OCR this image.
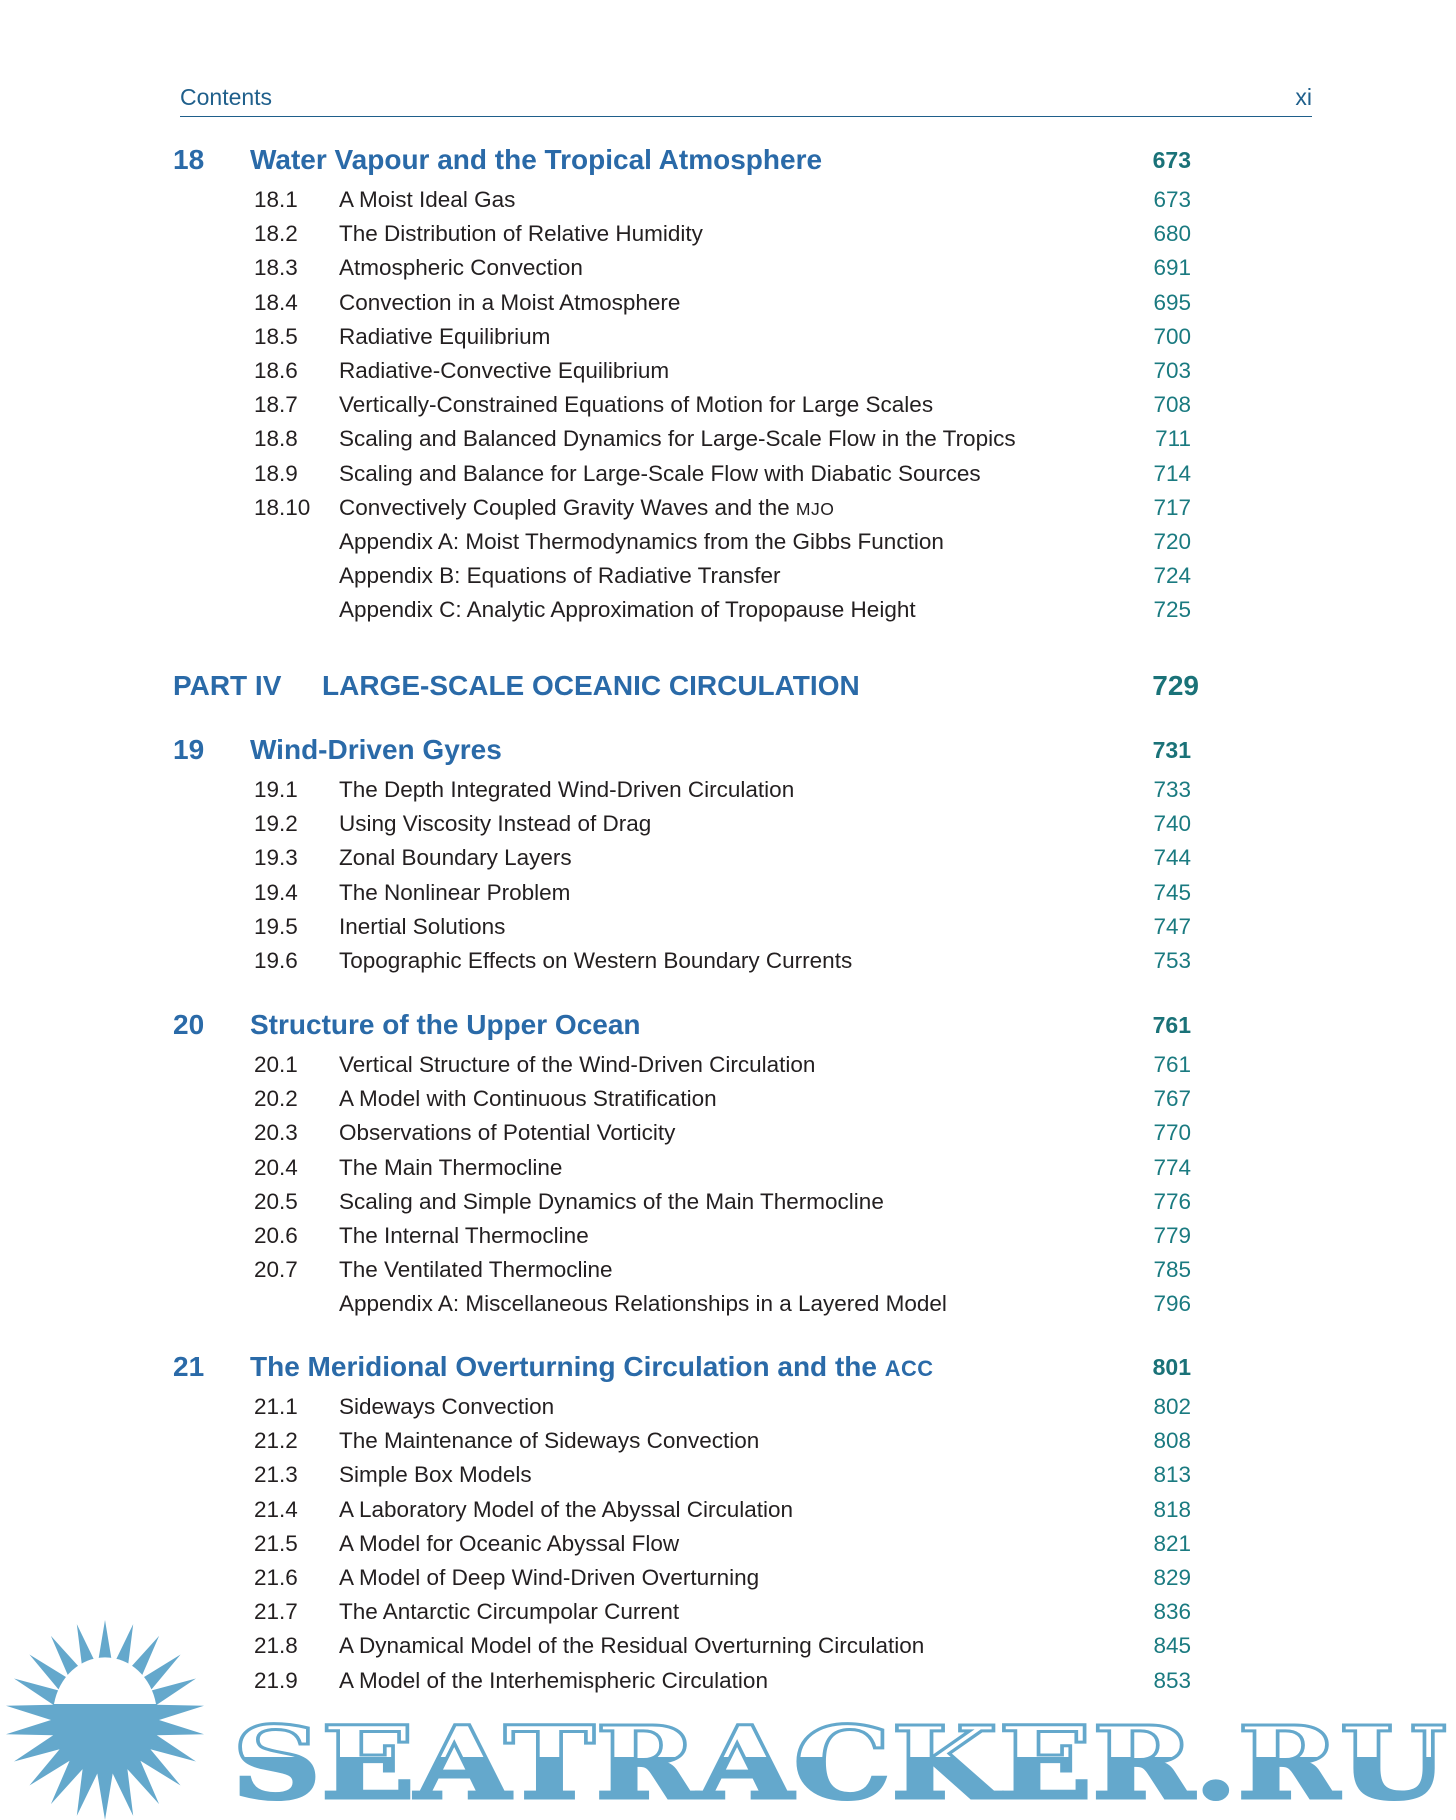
Contents	xi
18 Water Vapour and the Tropical Atmosphere	673
18.1 A Moist Ideal Gas	673
18.2 The Distribution of Relative Humidity	680
18.3 Atmospheric Convection	691
18.4 Convection in a Moist Atmosphere	695
18.5 Radiative Equilibrium	700
18.6 Radiative-Convective Equilibrium	703
18.7 Vertically-Constrained Equations of Motion for Large Scales	708
18.8 Scaling and Balanced Dynamics for Large-Scale Flow in the Tropics	711
18.9 Scaling and Balance for Large-Scale Flow with Diabatic Sources	714
18.10 Convectively Coupled Gravity Waves and the MJO	717
Appendix A: Moist Thermodynamics from the Gibbs Function	720
Appendix B: Equations of Radiative Transfer	724
Appendix C: Analytic Approximation of Tropopause Height	725
PART IV LARGE-SCALE OCEANIC CIRCULATION	729
19 Wind-Driven Gyres	731
19.1 The Depth Integrated Wind-Driven Circulation	733
19.2 Using Viscosity Instead of Drag	740
19.3 Zonal Boundary Layers	744
19.4 The Nonlinear Problem	745
19.5 Inertial Solutions	747
19.6 Topographic Effects on Western Boundary Currents	753
20 Structure of the Upper Ocean	761
20.1 Vertical Structure of the Wind-Driven Circulation	761
20.2 A Model with Continuous Stratification	767
20.3 Observations of Potential Vorticity	770
20.4 The Main Thermocline	774
20.5 Scaling and Simple Dynamics of the Main Thermocline	776
20.6 The Internal Thermocline	779
20.7 The Ventilated Thermocline	785
Appendix A: Miscellaneous Relationships in a Layered Model	796
21 The Meridional Overturning Circulation and the ACC	801
21.1 Sideways Convection	802
21.2 The Maintenance of Sideways Convection	808
21.3 Simple Box Models	813
21.4 A Laboratory Model of the Abyssal Circulation	818
21.5 A Model for Oceanic Abyssal Flow	821
21.6 A Model of Deep Wind-Driven Overturning	829
21.7 The Antarctic Circumpolar Current	836
21.8 A Dynamical Model of the Residual Overturning Circulation	845
21.9 A Model of the Interhemispheric Circulation	853
SEATRACKER.RU
